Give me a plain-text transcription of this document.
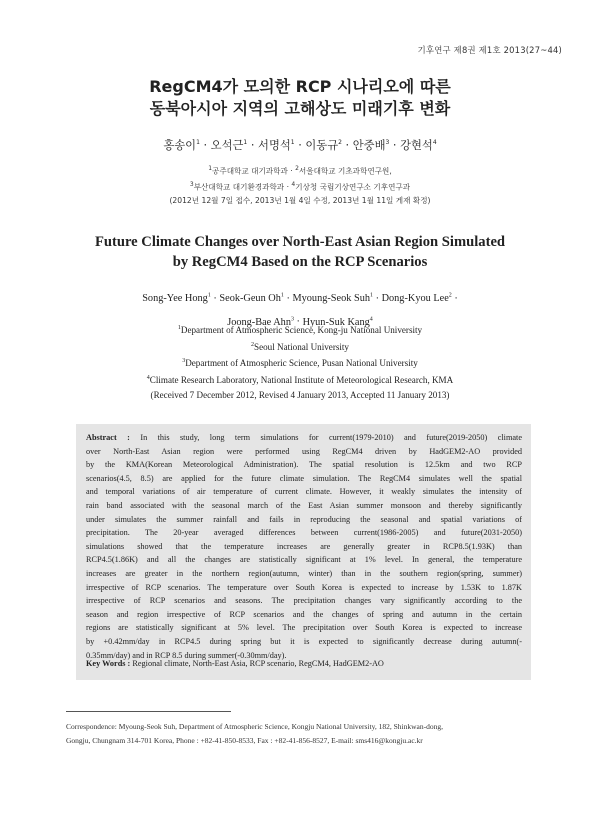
기후연구 제8권 제1호 2013(27~44)
RegCM4가 모의한 RCP 시나리오에 따른
동북아시아 지역의 고해상도 미래기후 변화
홍송이$^1$ · 오석근$^1$ · 서명석$^1$ · 이동규$^2$ · 안중배$^3$ · 강현석$^4$
$^1$공주대학교 대기과학과 · $^2$서울대학교 기초과학연구원,
$^3$부산대학교 대기환경과학과 · $^4$기상청 국립기상연구소 기후연구과
(2012년 12월 7일 접수, 2013년 1월 4일 수정, 2013년 1월 11일 게재 확정)
Future Climate Changes over North-East Asian Region Simulated
by RegCM4 Based on the RCP Scenarios
Song-Yee Hong$^1$ · Seok-Geun $Oh^1$ · Myoung-Seok Suh$^1$ · Dong-Kyou Lee$^2$ ·
Joong-Bae Ahn$^3$ · Hyun-Suk Kang$^4$
$^1$Department of Atmospheric Science, Kong-ju National University
$^2$Seoul National University
$^3$Department of Atmospheric Science, Pusan National University
$^4$Climate Research Laboratory, National Institute of Meteorological Research, KMA
(Received 7 December 2012, Revised 4 January 2013, Accepted 11 January 2013)
Abstract : In this study, long term simulations for current(1979-2010) and future(2019-2050) climate
over North-East Asian region were performed using RegCM4 driven by HadGEM2-AO provided
by the KMA(Korean Meteorological Administration). The spatial resolution is 12.5km and two RCP
scenarios(4.5, 8.5) are applied for the future climate simulation. The RegCM4 simulates well the spatial
and temporal variations of air temperature of current climate. However, it weakly simulates the intensity of
rain band associated with the seasonal march of the East Asian summer monsoon and thereby significantly
under simulates the summer rainfall and fails in reproducing the seasonal and spatial variations of
precipitation. The 20-year averaged differences between current(1986-2005) and future(2031-2050)
simulations showed that the temperature increases are generally greater in RCP8.5(1.93K) than
RCP4.5(1.86K) and all the changes are statistically significant at 1% level. In general, the temperature
increases are greater in the northern region(autumn, winter) than in the southern region(spring, summer)
irrespective of RCP scenarios. The temperature over South Korea is expected to increase by 1.53K to 1.87K
irrespective of RCP scenarios and seasons. The precipitation changes vary significantly according to the
season and region irrespective of RCP scenarios and the changes of spring and autumn in the certain
regions are statistically significant at 5% level. The precipitation over South Korea is expected to increase
by +0.42mm/day in RCP4.5 during spring but it is expected to significantly decrease during autumn(-
0.35mm/day) and in RCP 8.5 during summer(-0.30mm/day).
Key Words : Regional climate, North-East Asia, RCP scenario, RegCM4, HadGEM2-AO
Correspondence: Myoung-Seok Suh, Department of Atmospheric Science, Kongju National University, 182, Shinkwan-dong,
Gongju, Chungnam 314-701 Korea, Phone : +82-41-850-8533, Fax : +82-41-856-8527, E-mail: sms416@kongju.ac.kr
